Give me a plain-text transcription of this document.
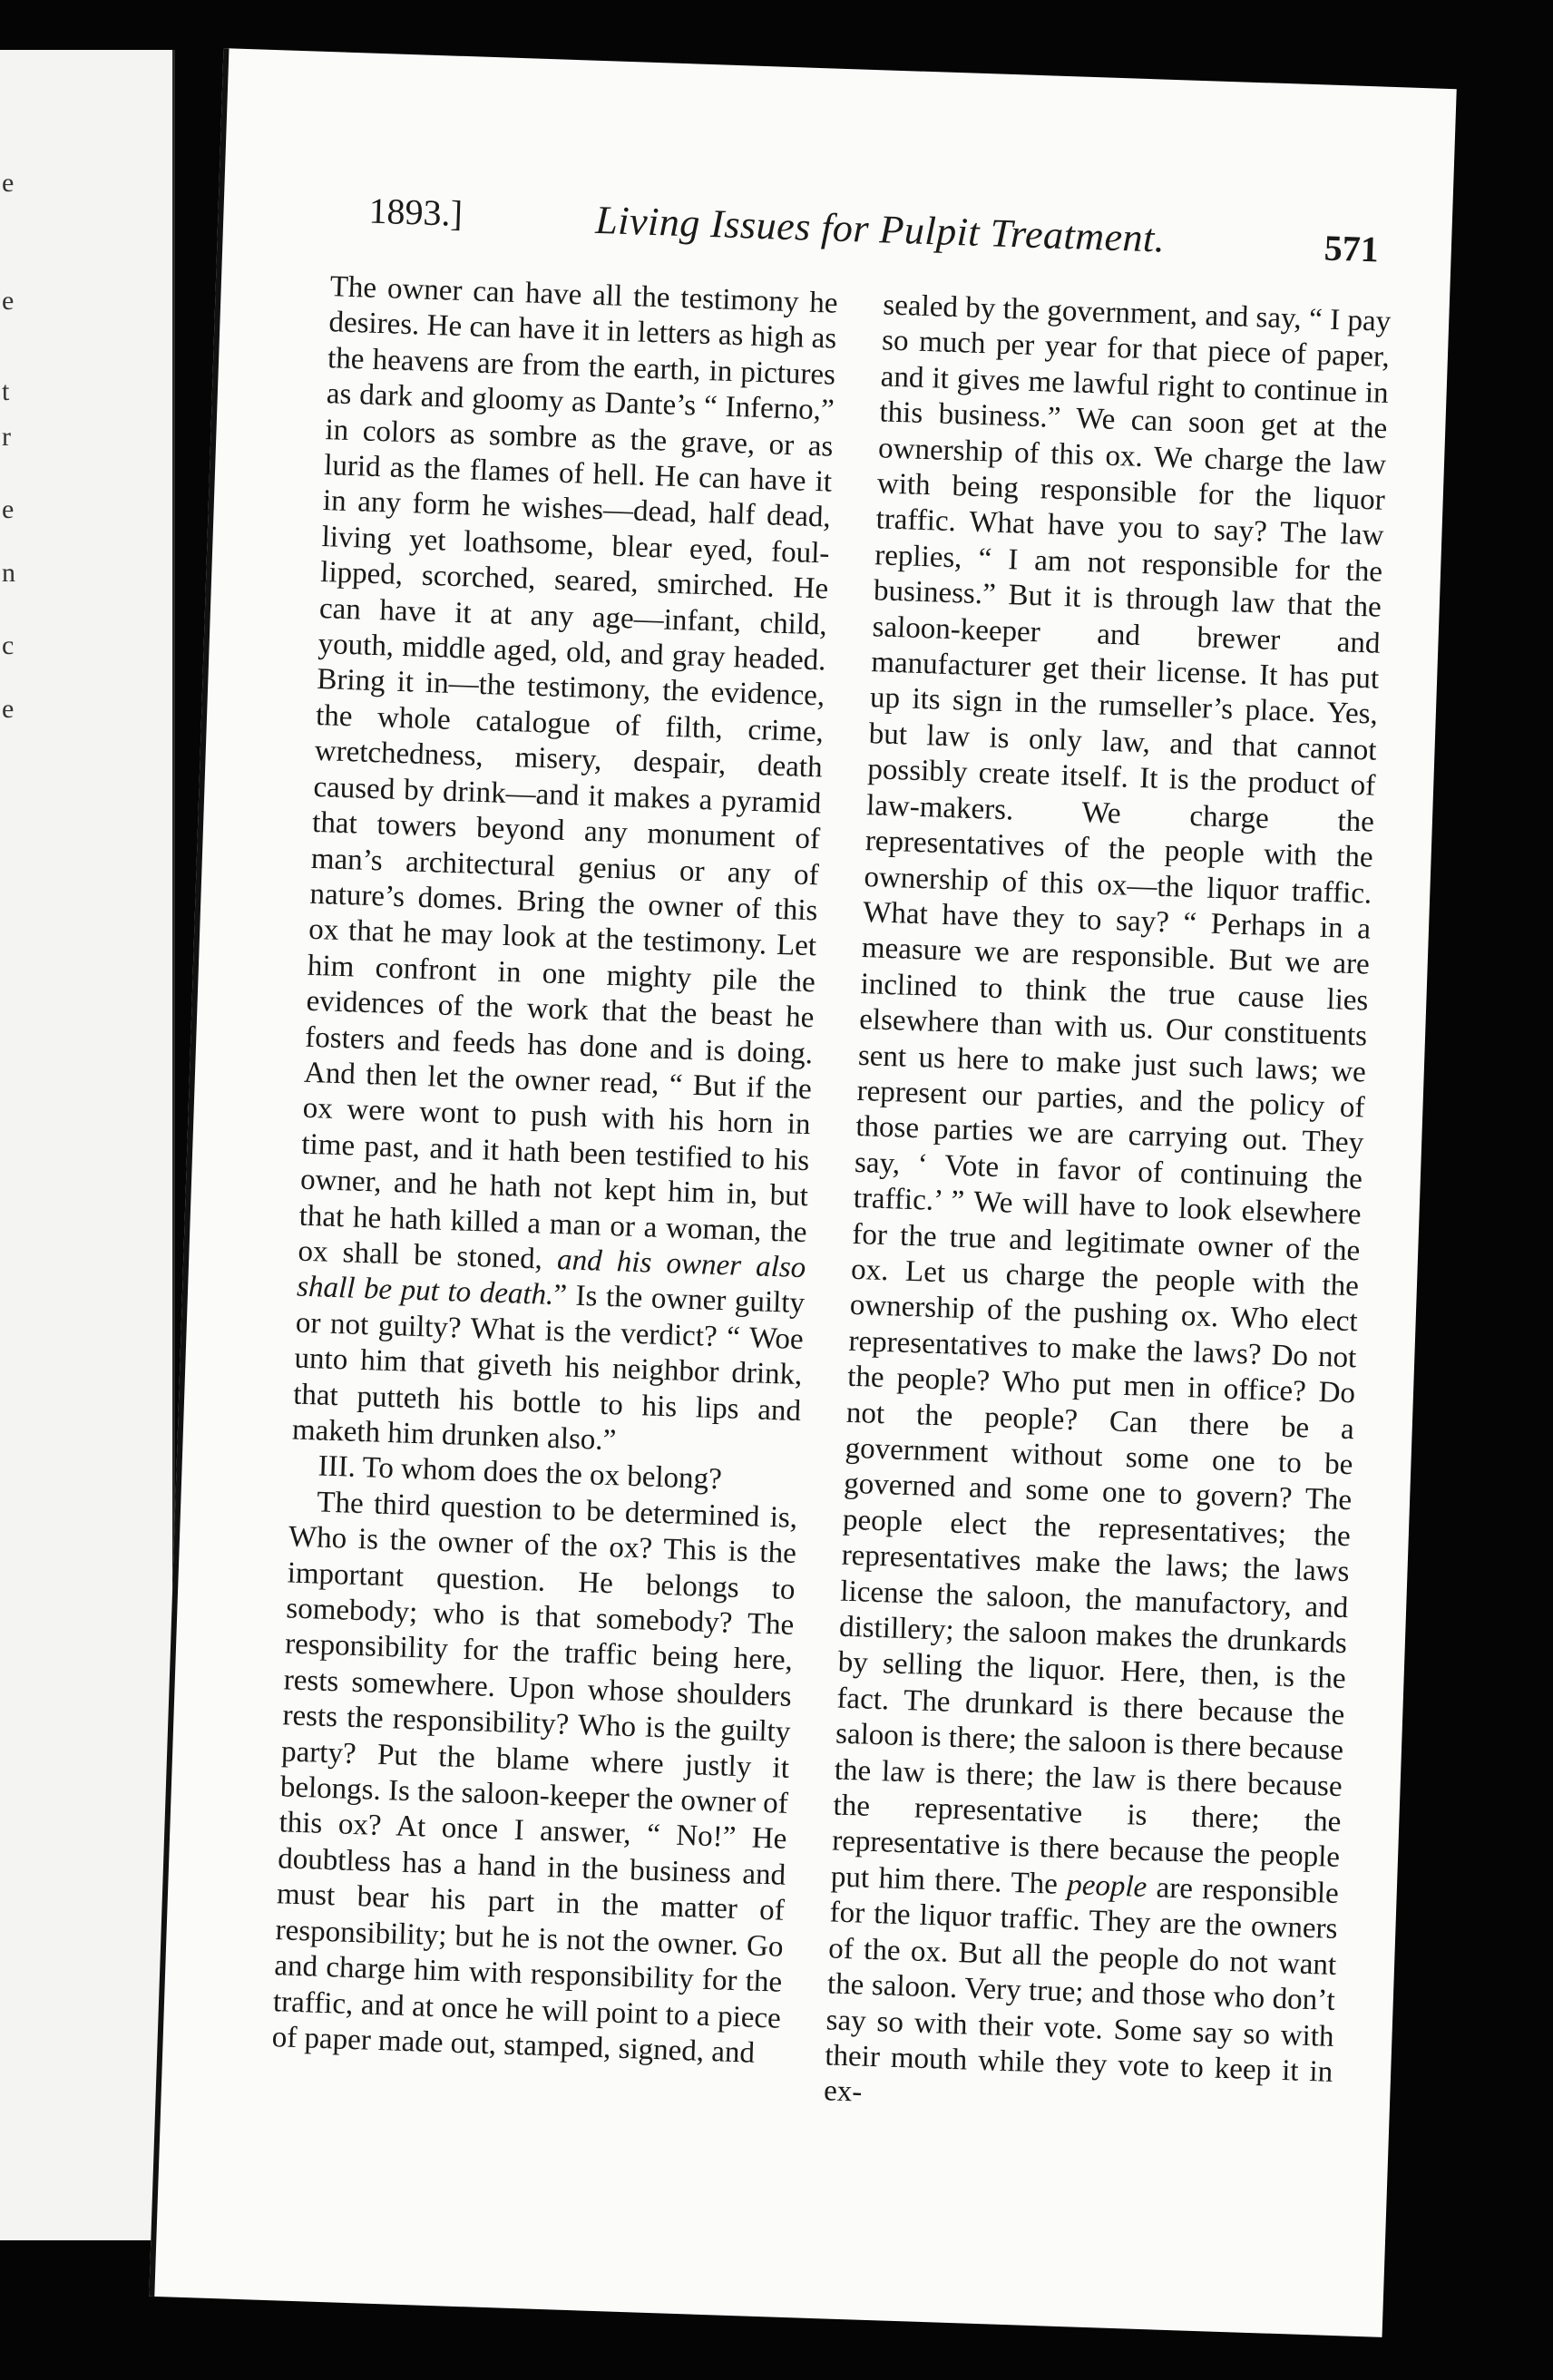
e
e
t
r
e
n
c
e
1893.]	Living Issues for Pulpit Treatment.	571

The owner can have all the testimony he desires. He can have it in letters as high as the heavens are from the earth, in pictures as dark and gloomy as Dante’s “ Inferno,” in colors as sombre as the grave, or as lurid as the flames of hell. He can have it in any form he wishes—dead, half dead, living yet loathsome, blear eyed, foul-lipped, scorched, seared, smirched. He can have it at any age—infant, child, youth, middle aged, old, and gray headed. Bring it in—the testimony, the evidence, the whole catalogue of filth, crime, wretchedness, misery, despair, death caused by drink—and it makes a pyramid that towers beyond any monument of man’s architectural genius or any of nature’s domes. Bring the owner of this ox that he may look at the testimony. Let him confront in one mighty pile the evidences of the work that the beast he fosters and feeds has done and is doing. And then let the owner read, “ But if the ox were wont to push with his horn in time past, and it hath been testified to his owner, and he hath not kept him in, but that he hath killed a man or a woman, the ox shall be stoned, and his owner also shall be put to death.” Is the owner guilty or not guilty? What is the verdict? “ Woe unto him that giveth his neighbor drink, that putteth his bottle to his lips and maketh him drunken also.”

III. To whom does the ox belong?

The third question to be determined is, Who is the owner of the ox? This is the important question. He belongs to somebody; who is that somebody? The responsibility for the traffic being here, rests somewhere. Upon whose shoulders rests the responsibility? Who is the guilty party? Put the blame where justly it belongs. Is the saloon-keeper the owner of this ox? At once I answer, “ No!” He doubtless has a hand in the business and must bear his part in the matter of responsibility; but he is not the owner. Go and charge him with responsibility for the traffic, and at once he will point to a piece of paper made out, stamped, signed, and

sealed by the government, and say, “ I pay so much per year for that piece of paper, and it gives me lawful right to continue in this business.” We can soon get at the ownership of this ox. We charge the law with being responsible for the liquor traffic. What have you to say? The law replies, “ I am not responsible for the business.” But it is through law that the saloon-keeper and brewer and manufacturer get their license. It has put up its sign in the rumseller’s place. Yes, but law is only law, and that cannot possibly create itself. It is the product of law-makers. We charge the representatives of the people with the ownership of this ox—the liquor traffic. What have they to say? “ Perhaps in a measure we are responsible. But we are inclined to think the true cause lies elsewhere than with us. Our constituents sent us here to make just such laws; we represent our parties, and the policy of those parties we are carrying out. They say, ‘ Vote in favor of continuing the traffic.’ ” We will have to look elsewhere for the true and legitimate owner of the ox. Let us charge the people with the ownership of the pushing ox. Who elect representatives to make the laws? Do not the people? Who put men in office? Do not the people? Can there be a government without some one to be governed and some one to govern? The people elect the representatives; the representatives make the laws; the laws license the saloon, the manufactory, and distillery; the saloon makes the drunkards by selling the liquor. Here, then, is the fact. The drunkard is there because the saloon is there; the saloon is there because the law is there; the law is there because the representative is there; the representative is there because the people put him there. The people are responsible for the liquor traffic. They are the owners of the ox. But all the people do not want the saloon. Very true; and those who don’t say so with their vote. Some say so with their mouth while they vote to keep it in ex-
